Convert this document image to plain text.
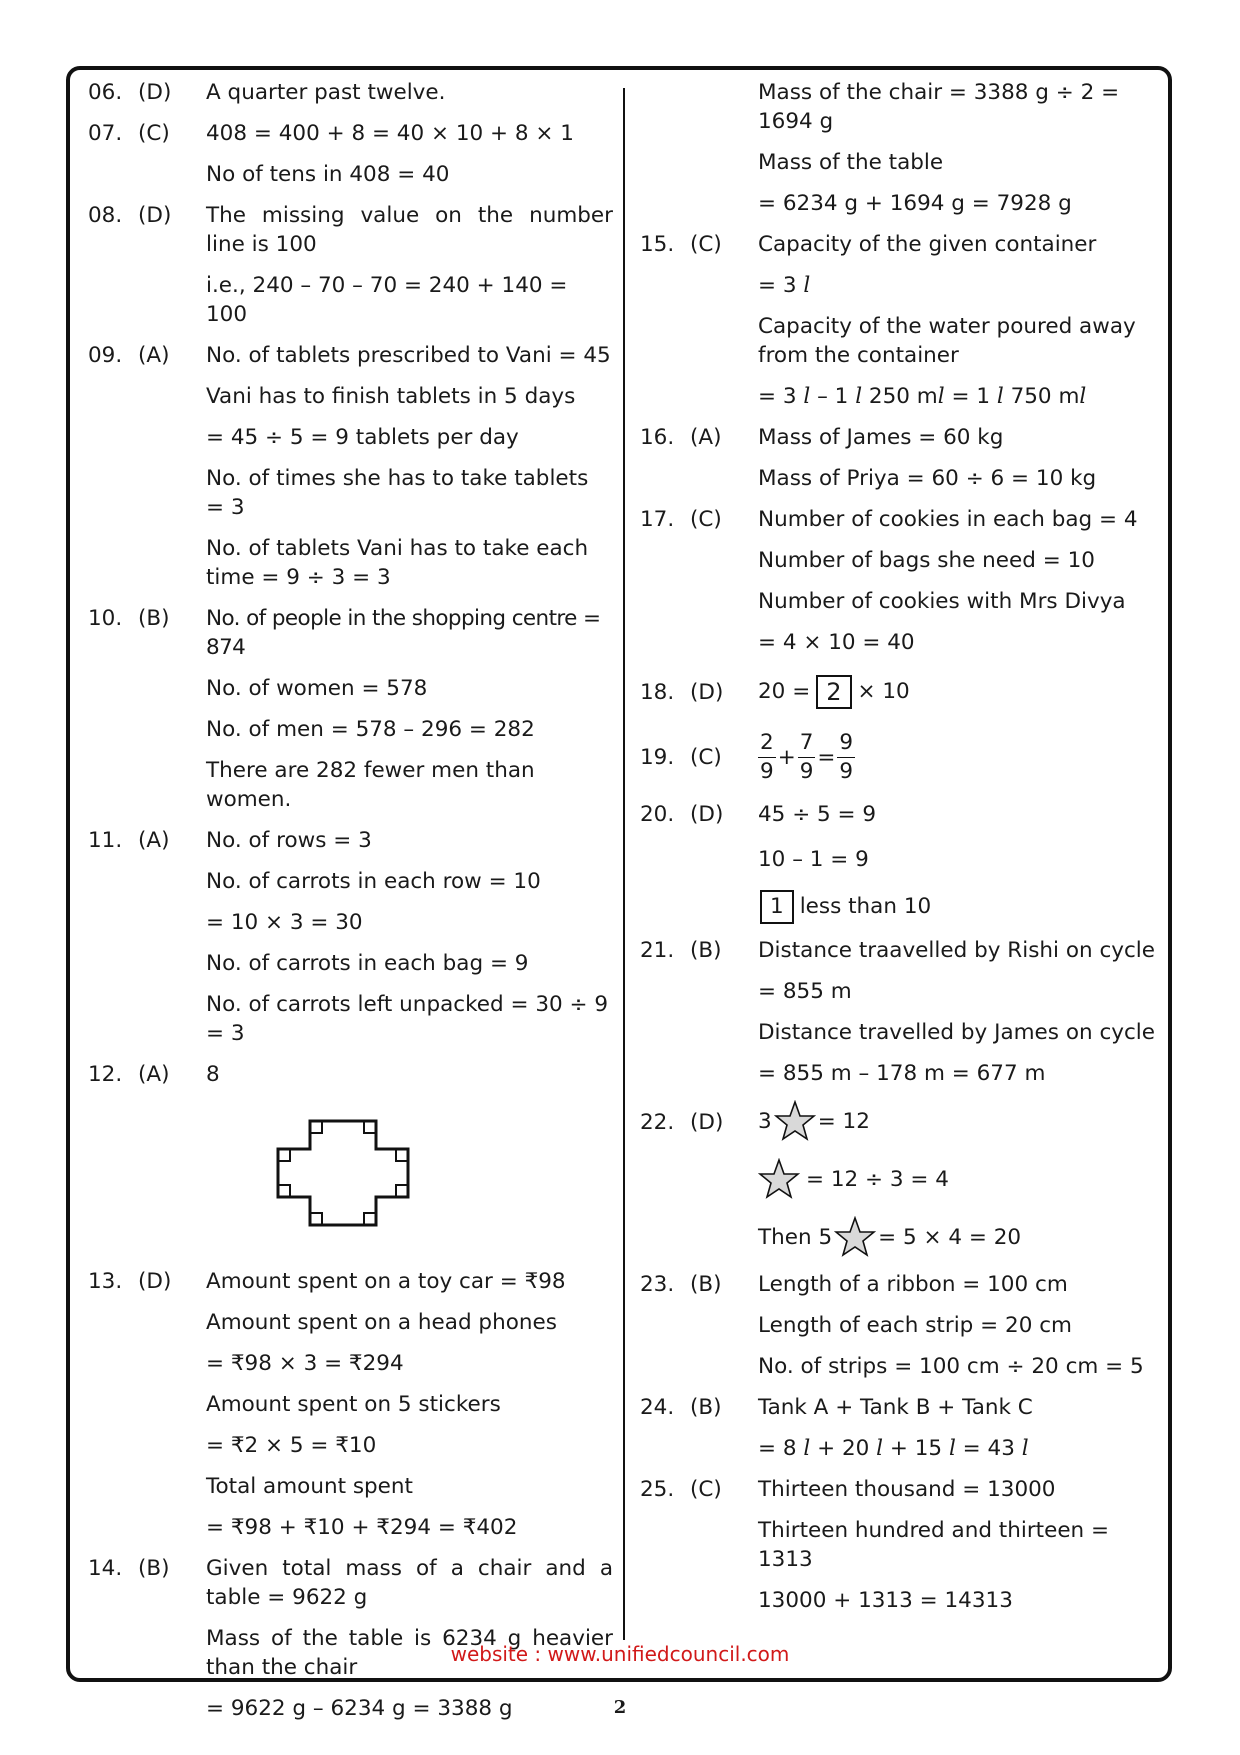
06. (D)	A quarter past twelve.
07. (C)	408 = 400 + 8 = 40 × 10 + 8 × 1
No of tens in 408 = 40
08. (D)	The missing value on the number line is 100
i.e., 240 – 70 – 70 = 240 + 140 = 100
09. (A)	No. of tablets prescribed to Vani = 45
Vani has to finish tablets in 5 days
= 45 ÷ 5 = 9 tablets per day
No. of times she has to take tablets = 3
No. of tablets Vani has to take each time = 9 ÷ 3 = 3
10. (B)	No. of people in the shopping centre = 874
No. of women = 578
No. of men = 578 – 296 = 282
There are 282 fewer men than women.
11. (A)	No. of rows = 3
No. of carrots in each row = 10
= 10 × 3 = 30
No. of carrots in each bag = 9
No. of carrots left unpacked = 30 ÷ 9 = 3
12. (A)	8
13. (D)	Amount spent on a toy car = ₹98
Amount spent on a head phones
= ₹98 × 3 = ₹294
Amount spent on 5 stickers
= ₹2 × 5 = ₹10
Total amount spent
= ₹98 + ₹10 + ₹294 = ₹402
14. (B)	Given total mass of a chair and a table = 9622 g
Mass of the table is 6234 g heavier than the chair
= 9622 g – 6234 g = 3388 g
Mass of the chair = 3388 g ÷ 2 = 1694 g
Mass of the table
= 6234 g + 1694 g = 7928 g
15. (C)	Capacity of the given container
= 3 l
Capacity of the water poured away from the container
= 3 l – 1 l 250 ml = 1 l 750 ml
16. (A)	Mass of James = 60 kg
Mass of Priya = 60 ÷ 6 = 10 kg
17. (C)	Number of cookies in each bag = 4
Number of bags she need = 10
Number of cookies with Mrs Divya
= 4 × 10 = 40
18. (D)	20 = 2 × 10
19. (C)	$\frac{2}{9} + \frac{7}{9} = \frac{9}{9}$
20. (D)	45 ÷ 5 = 9
10 – 1 = 9
1 less than 10
21. (B)	Distance traavelled by Rishi on cycle
= 855 m
Distance travelled by James on cycle
= 855 m – 178 m = 677 m
22. (D)	3 = 12
= 12 ÷ 3 = 4
Then 5 = 5 × 4 = 20
23. (B)	Length of a ribbon = 100 cm
Length of each strip = 20 cm
No. of strips = 100 cm ÷ 20 cm = 5
24. (B)	Tank A + Tank B + Tank C
= 8 l + 20 l + 15 l = 43 l
25. (C)	Thirteen thousand = 13000
Thirteen hundred and thirteen = 1313
13000 + 1313 = 14313
website : www.unifiedcouncil.com
2
